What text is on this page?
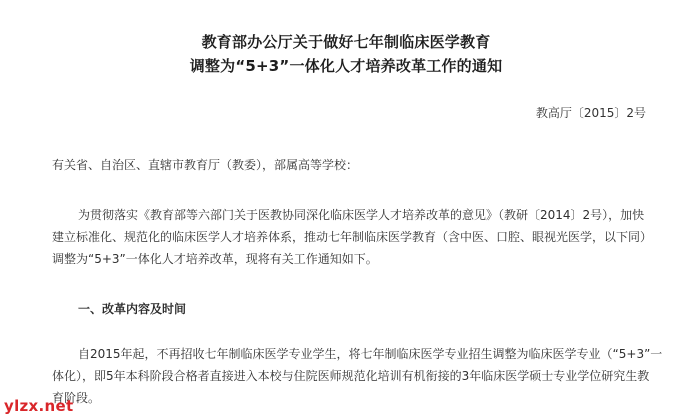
教育部办公厅关于做好七年制临床医学教育
调整为“5+3”一体化人才培养改革工作的通知
教高厅〔2015〕2号
有关省、自治区、直辖市教育厅（教委），部属高等学校：
为贯彻落实《教育部等六部门关于医教协同深化临床医学人才培养改革的意见》（教研〔2014〕2号），加快
建立标准化、规范化的临床医学人才培养体系，推动七年制临床医学教育（含中医、口腔、眼视光医学，以下同）
调整为“5+3”一体化人才培养改革，现将有关工作通知如下。
一、改革内容及时间
自2015年起，不再招收七年制临床医学专业学生，将七年制临床医学专业招生调整为临床医学专业（“5+3”一
体化），即5年本科阶段合格者直接进入本校与住院医师规范化培训有机衔接的3年临床医学硕士专业学位研究生教
育阶段。
ylzx.net
